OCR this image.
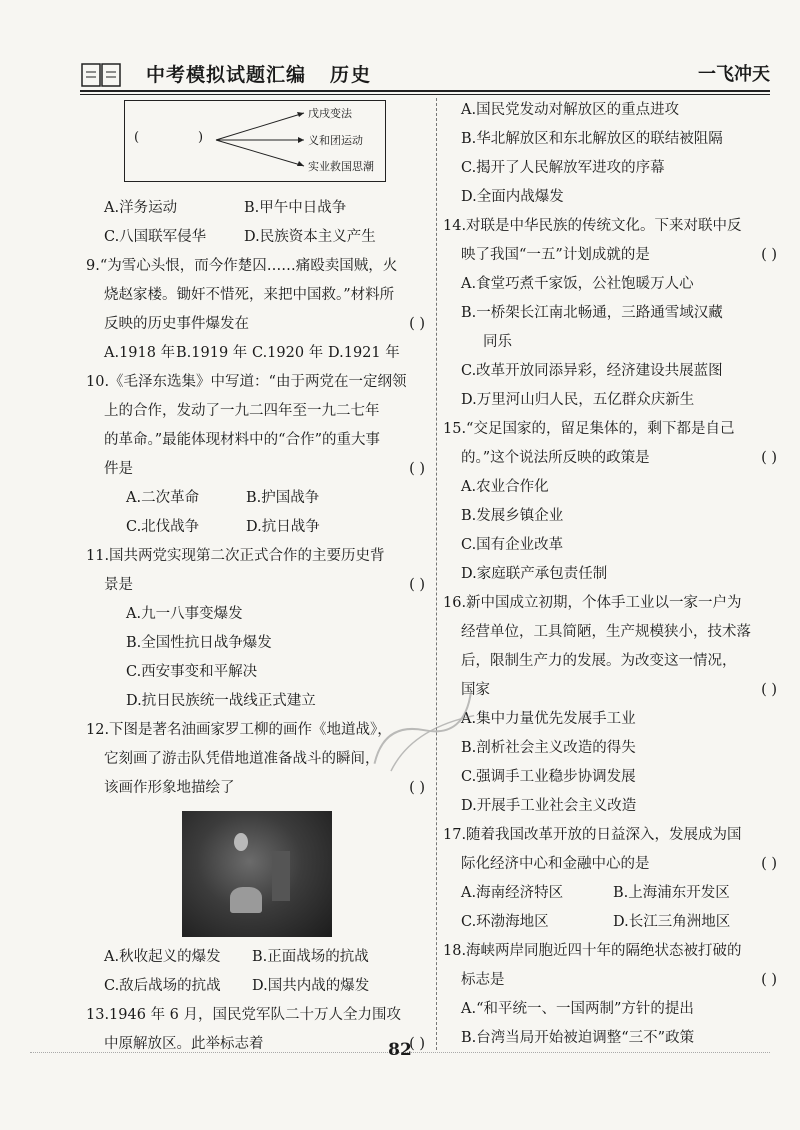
中考模拟试题汇编 历史	一飞冲天
(	)
戊戌变法
义和团运动
实业救国思潮
A.洋务运动	B.甲午中日战争
C.八国联军侵华	D.民族资本主义产生
9.“为雪心头恨，而今作楚囚……痛殴卖国贼，火
烧赵家楼。锄奸不惜死，来把中国救。”材料所
反映的历史事件爆发在	( )
A.1918 年 B.1919 年 C.1920 年 D.1921 年
10.《毛泽东选集》中写道：“由于两党在一定纲领
上的合作，发动了一九二四年至一九二七年
的革命。”最能体现材料中的“合作”的重大事
件是	( )
A.二次革命	B.护国战争
C.北伐战争	D.抗日战争
11.国共两党实现第二次正式合作的主要历史背
景是	( )
A.九一八事变爆发
B.全国性抗日战争爆发
C.西安事变和平解决
D.抗日民族统一战线正式建立
12.下图是著名油画家罗工柳的画作《地道战》，
它刻画了游击队凭借地道准备战斗的瞬间，
该画作形象地描绘了	( )
A.秋收起义的爆发	B.正面战场的抗战
C.敌后战场的抗战	D.国共内战的爆发
13.1946 年 6 月，国民党军队二十万人全力围攻
中原解放区。此举标志着	( )
A.国民党发动对解放区的重点进攻
B.华北解放区和东北解放区的联结被阻隔
C.揭开了人民解放军进攻的序幕
D.全面内战爆发
14.对联是中华民族的传统文化。下来对联中反
映了我国“一五”计划成就的是	( )
A.食堂巧煮千家饭，公社饱暖万人心
B.一桥架长江南北畅通，三路通雪域汉藏
同乐
C.改革开放同添异彩，经济建设共展蓝图
D.万里河山归人民，五亿群众庆新生
15.“交足国家的，留足集体的，剩下都是自己
的。”这个说法所反映的政策是	( )
A.农业合作化
B.发展乡镇企业
C.国有企业改革
D.家庭联产承包责任制
16.新中国成立初期，个体手工业以一家一户为
经营单位，工具简陋，生产规模狭小，技术落
后，限制生产力的发展。为改变这一情况，
国家	( )
A.集中力量优先发展手工业
B.剖析社会主义改造的得失
C.强调手工业稳步协调发展
D.开展手工业社会主义改造
17.随着我国改革开放的日益深入，发展成为国
际化经济中心和金融中心的是	( )
A.海南经济特区	B.上海浦东开发区
C.环渤海地区	D.长江三角洲地区
18.海峡两岸同胞近四十年的隔绝状态被打破的
标志是	( )
A.“和平统一、一国两制”方针的提出
B.台湾当局开始被迫调整“三不”政策
82
